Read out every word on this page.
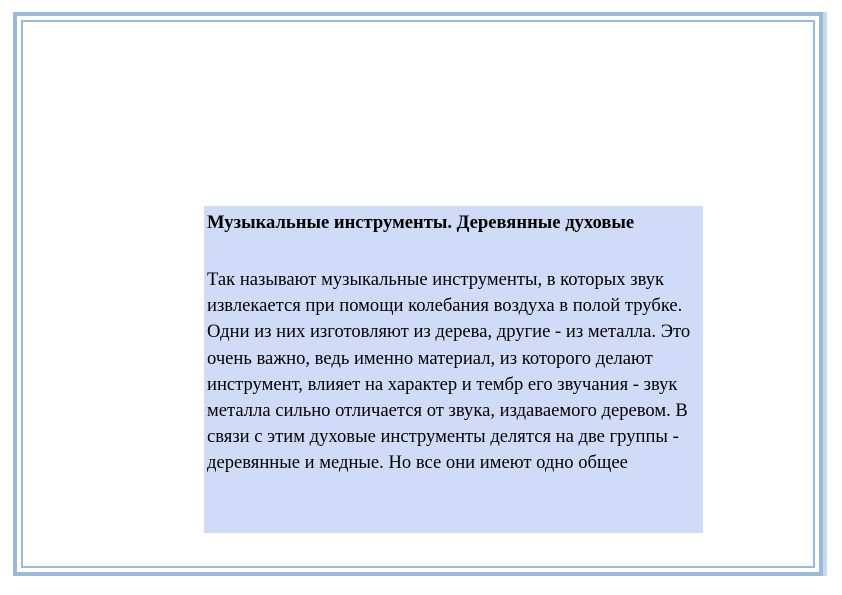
Музыкальные инструменты. Деревянные духовые

Так называют музыкальные инструменты, в которых звук извлекается при помощи колебания воздуха в полой трубке. Одни из них изготовляют из дерева, другие - из металла. Это очень важно, ведь именно материал, из которого делают инструмент, влияет на характер и тембр его звучания - звук металла сильно отличается от звука, издаваемого деревом. В связи с этим духовые инструменты делятся на две группы - деревянные и медные. Но все они имеют одно общее
